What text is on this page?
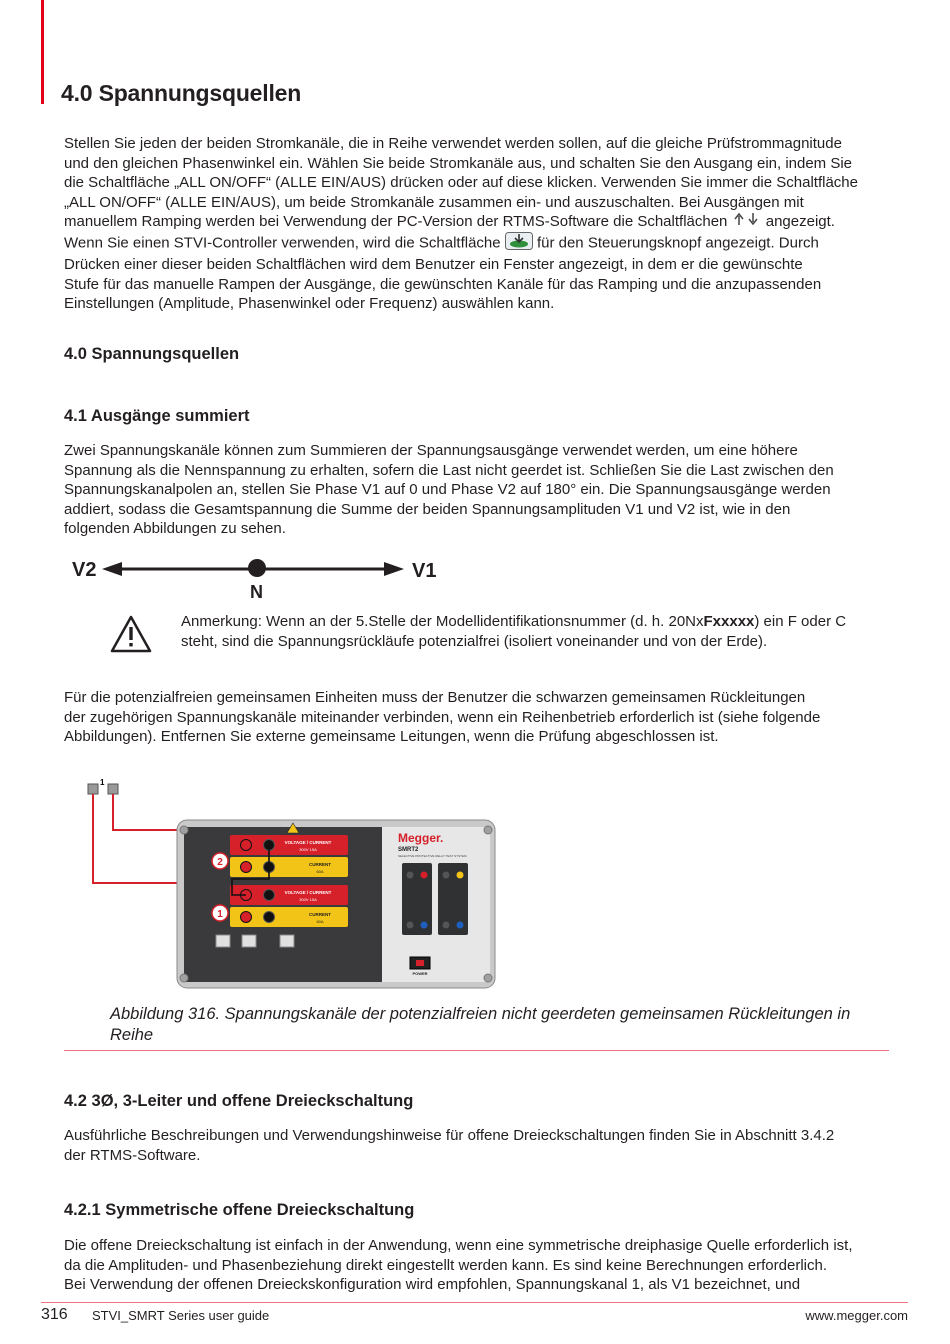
4.0 Spannungsquellen

Stellen Sie jeden der beiden Stromkanäle, die in Reihe verwendet werden sollen, auf die gleiche Prüfstrommagnitude

und den gleichen Phasenwinkel ein. Wählen Sie beide Stromkanäle aus, und schalten Sie den Ausgang ein, indem Sie

die Schaltfläche „ALL ON/OFF“ (ALLE EIN/AUS) drücken oder auf diese klicken. Verwenden Sie immer die Schaltfläche

„ALL ON/OFF“ (ALLE EIN/AUS), um beide Stromkanäle zusammen ein- und auszuschalten. Bei Ausgängen mit

manuellem Ramping werden bei Verwendung der PC-Version der RTMS-Software die Schaltflächen  angezeigt.

Wenn Sie einen STVI-Controller verwenden, wird die Schaltfläche  für den Steuerungsknopf angezeigt. Durch

Drücken einer dieser beiden Schaltflächen wird dem Benutzer ein Fenster angezeigt, in dem er die gewünschte

Stufe für das manuelle Rampen der Ausgänge, die gewünschten Kanäle für das Ramping und die anzupassenden

Einstellungen (Amplitude, Phasenwinkel oder Frequenz) auswählen kann.

4.0 Spannungsquellen
4.1 Ausgänge summiert

Zwei Spannungskanäle können zum Summieren der Spannungsausgänge verwendet werden, um eine höhere

Spannung als die Nennspannung zu erhalten, sofern die Last nicht geerdet ist. Schließen Sie die Last zwischen den

Spannungskanalpolen an, stellen Sie Phase V1 auf 0 und Phase V2 auf 180° ein. Die Spannungsausgänge werden

addiert, sodass die Gesamtspannung die Summe der beiden Spannungsamplituden V1 und V2 ist, wie in den

folgenden Abbildungen zu sehen.

V2
N
V1

Anmerkung: Wenn an der 5.Stelle der Modellidentifikationsnummer (d. h. 20NxFxxxxx) ein F oder C

steht, sind die Spannungsrückläufe potenzialfrei (isoliert voneinander und von der Erde).

Für die potenzialfreien gemeinsamen Einheiten muss der Benutzer die schwarzen gemeinsamen Rückleitungen

der zugehörigen Spannungskanäle miteinander verbinden, wenn ein Reihenbetrieb erforderlich ist (siehe folgende

Abbildungen). Entfernen Sie externe gemeinsame Leitungen, wenn die Prüfung abgeschlossen ist.

1
VOLTAGE / CURRENT
300V 15A
CURRENT
60A
2
VOLTAGE / CURRENT
300V 15A
CURRENT
60A
1
Megger.
SMRT2
SELECTIVE PROTECTIVE RELAY TEST SYSTEM
POWER
Abbildung 316. Spannungskanäle der potenzialfreien nicht geerdeten gemeinsamen Rückleitungen in
Reihe
4.2 3Ø, 3-Leiter und offene Dreieckschaltung

Ausführliche Beschreibungen und Verwendungshinweise für offene Dreieckschaltungen finden Sie in Abschnitt 3.4.2

der RTMS-Software.

4.2.1 Symmetrische offene Dreieckschaltung

Die offene Dreieckschaltung ist einfach in der Anwendung, wenn eine symmetrische dreiphasige Quelle erforderlich ist,

da die Amplituden- und Phasenbeziehung direkt eingestellt werden kann. Es sind keine Berechnungen erforderlich.

Bei Verwendung der offenen Dreieckskonfiguration wird empfohlen, Spannungskanal 1, als V1 bezeichnet, und

316 STVI_SMRT Series user guide	www.megger.com
